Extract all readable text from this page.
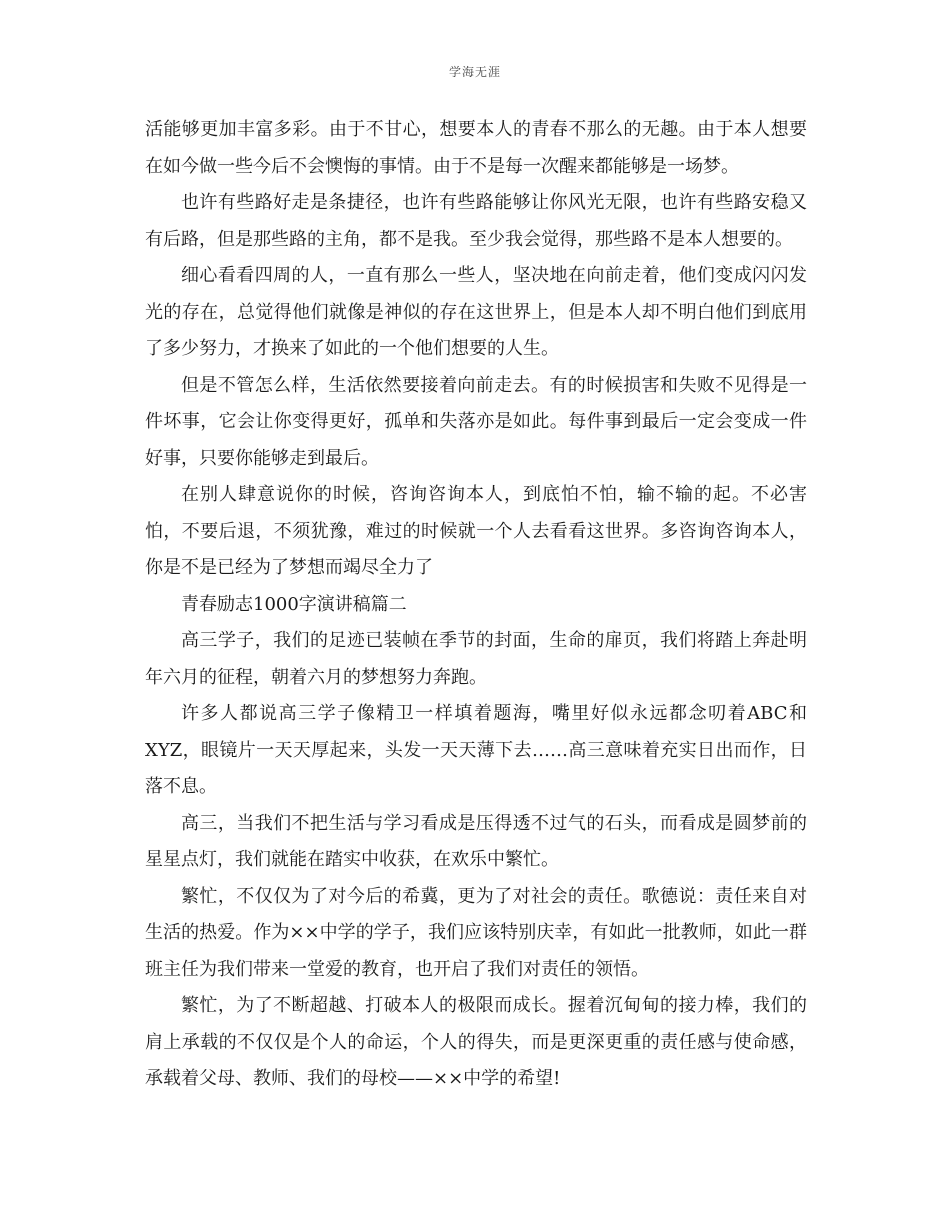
学海无涯

活能够更加丰富多彩。由于不甘心，想要本人的青春不那么的无趣。由于本人想要在如今做一些今后不会懊悔的事情。由于不是每一次醒来都能够是一场梦。

也许有些路好走是条捷径，也许有些路能够让你风光无限，也许有些路安稳又有后路，但是那些路的主角，都不是我。至少我会觉得，那些路不是本人想要的。

细心看看四周的人，一直有那么一些人，坚决地在向前走着，他们变成闪闪发光的存在，总觉得他们就像是神似的存在这世界上，但是本人却不明白他们到底用了多少努力，才换来了如此的一个他们想要的人生。

但是不管怎么样，生活依然要接着向前走去。有的时候损害和失败不见得是一件坏事，它会让你变得更好，孤单和失落亦是如此。每件事到最后一定会变成一件好事，只要你能够走到最后。

在别人肆意说你的时候，咨询咨询本人，到底怕不怕，输不输的起。不必害怕，不要后退，不须犹豫，难过的时候就一个人去看看这世界。多咨询咨询本人，你是不是已经为了梦想而竭尽全力了

青春励志1000字演讲稿篇二

高三学子，我们的足迹已装帧在季节的封面，生命的扉页，我们将踏上奔赴明年六月的征程，朝着六月的梦想努力奔跑。

许多人都说高三学子像精卫一样填着题海，嘴里好似永远都念叨着ABC和XYZ，眼镜片一天天厚起来，头发一天天薄下去……高三意味着充实日出而作，日落不息。

高三，当我们不把生活与学习看成是压得透不过气的石头，而看成是圆梦前的星星点灯，我们就能在踏实中收获，在欢乐中繁忙。

繁忙，不仅仅为了对今后的希冀，更为了对社会的责任。歌德说：责任来自对生活的热爱。作为××中学的学子，我们应该特别庆幸，有如此一批教师，如此一群班主任为我们带来一堂爱的教育，也开启了我们对责任的领悟。

繁忙，为了不断超越、打破本人的极限而成长。握着沉甸甸的接力棒，我们的肩上承载的不仅仅是个人的命运，个人的得失，而是更深更重的责任感与使命感，承载着父母、教师、我们的母校——××中学的希望!
